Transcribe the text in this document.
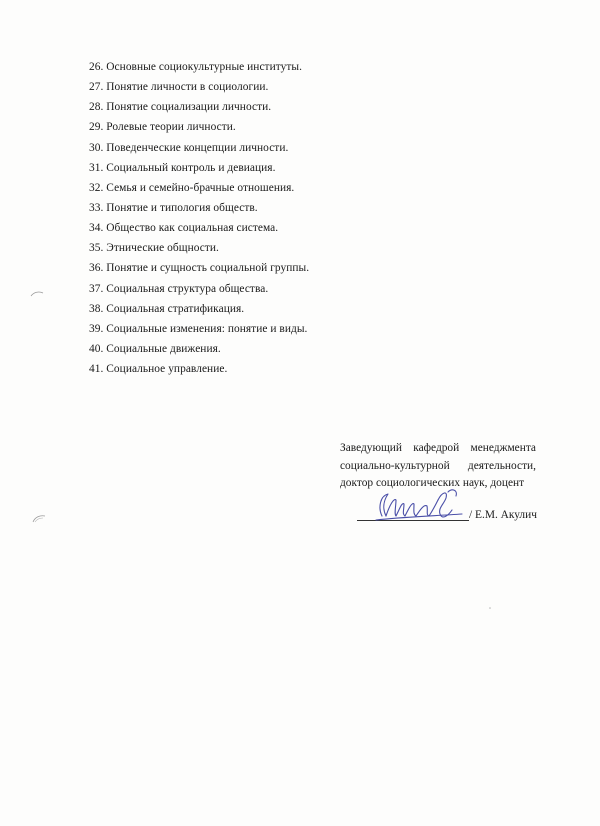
26. Основные социокультурные институты.
27. Понятие личности в социологии.
28. Понятие социализации личности.
29. Ролевые теории личности.
30. Поведенческие концепции личности.
31. Социальный контроль и девиация.
32. Семья и семейно-брачные отношения.
33. Понятие и типология обществ.
34. Общество как социальная система.
35. Этнические общности.
36. Понятие и сущность социальной группы.
37. Социальная структура общества.
38. Социальная стратификация.
39. Социальные изменения: понятие и виды.
40. Социальные движения.
41. Социальное управление.
Заведующий кафедрой менеджмента
социально-культурной деятельности,
доктор социологических наук, доцент
/ Е.М. Акулич
